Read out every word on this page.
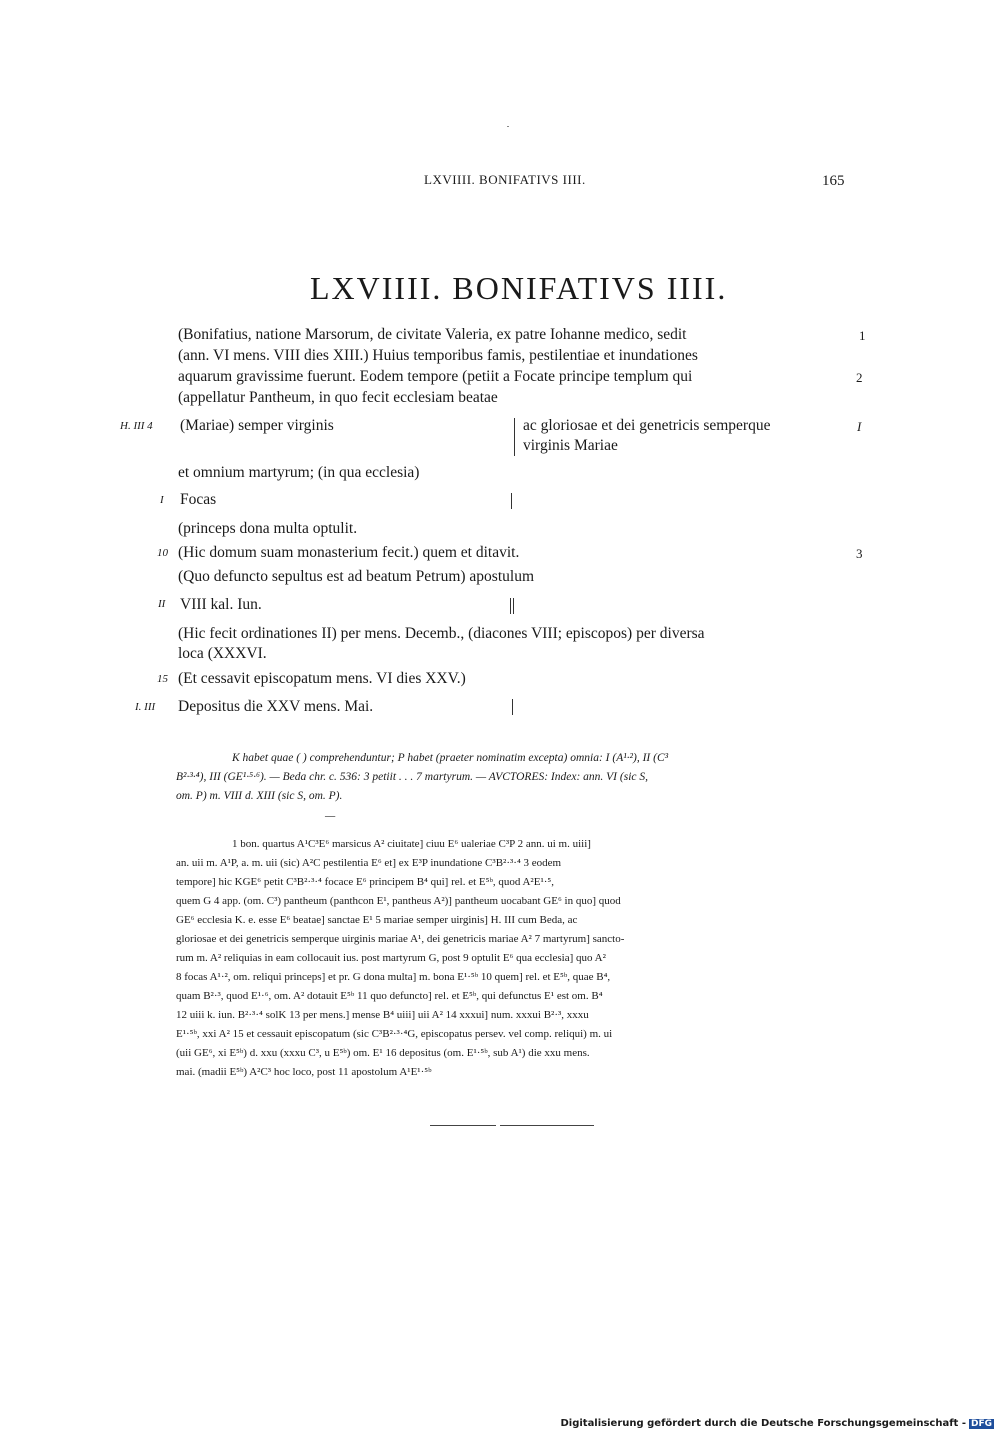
LXVIIII. BONIFATIVS IIII.	165
LXVIIII. BONIFATIVS IIII.
(Bonifatius, natione Marsorum, de civitate Valeria, ex patre Iohanne medico, sedit	1
(ann. VI mens. VIII dies XIII.) Huius temporibus famis, pestilentiae et inundationes
aquarum gravissime fuerunt. Eodem tempore (petiit a Focate principe templum qui	2
(appellatur Pantheum, in quo fecit ecclesiam beatae
H. III 4 (Mariae) semper virginis	ac gloriosae et dei genetricis semperque
virginis Mariae
I
et omnium martyrum; (in qua ecclesia)
I Focas
(princeps dona multa optulit.
10 (Hic domum suam monasterium fecit.) quem et ditavit.	3
(Quo defuncto sepultus est ad beatum Petrum) apostulum
II VIII kal. Iun.
(Hic fecit ordinationes II) per mens. Decemb., (diacones VIII; episcopos) per diversa
loca (XXXVI.
15 (Et cessavit episcopatum mens. VI dies XXV.)
I. III Depositus die XXV mens. Mai.
K habet quae ( ) comprehenduntur; P habet (praeter nominatim excepta) omnia: I (A¹·²), II (C³
B²·³·⁴), III (GE¹·⁵·⁶). — Beda chr. c. 536: 3 petiit . . . 7 martyrum. — AVCTORES: Index: ann. VI (sic S,
om. P) m. VIII d. XIII (sic S, om. P).
—
1 bon. quartus A¹C³E⁶ marsicus A² ciuitate] ciuu E⁶ ualeriae C³P 2 ann. ui m. uiii]
an. uii m. A¹P, a. m. uii (sic) A²C pestilentia E⁶ et] ex E³P inundatione C³B²·³·⁴ 3 eodem
tempore] hic KGE⁶ petit C³B²·³·⁴ focace E⁶ principem B⁴ qui] rel. et E⁵ᵇ, quod A²E¹·⁵,
quem G 4 app. (om. C³) pantheum (panthcon E¹, pantheus A²)] pantheum uocabant GE⁶ in quo] quod
GE⁶ ecclesia K. e. esse E⁶ beatae] sanctae E¹ 5 mariae semper uirginis] H. III cum Beda, ac
gloriosae et dei genetricis semperque uirginis mariae A¹, dei genetricis mariae A² 7 martyrum] sancto-
rum m. A² reliquias in eam collocauit ius. post martyrum G, post 9 optulit E⁶ qua ecclesia] quo A²
8 focas A¹·², om. reliqui princeps] et pr. G dona multa] m. bona E¹·⁵ᵇ 10 quem] rel. et E⁵ᵇ, quae B⁴,
quam B²·³, quod E¹·⁶, om. A² dotauit E⁵ᵇ 11 quo defuncto] rel. et E⁵ᵇ, qui defunctus E¹ est om. B⁴
12 uiii k. iun. B²·³·⁴ solK 13 per mens.] mense B⁴ uiii] uii A² 14 xxxui] num. xxxui B²·³, xxxu
E¹·⁵ᵇ, xxi A² 15 et cessauit episcopatum (sic C³B²·³·⁴G, episcopatus persev. vel comp. reliqui) m. ui
(uii GE⁶, xi E⁵ᵇ) d. xxu (xxxu C³, u E⁵ᵇ) om. E¹ 16 depositus (om. E¹·⁵ᵇ, sub A¹) die xxu mens.
mai. (madii E⁵ᵇ) A²C³ hoc loco, post 11 apostolum A¹E¹·⁵ᵇ
Digitalisierung gefördert durch die Deutsche Forschungsgemeinschaft - DFG
